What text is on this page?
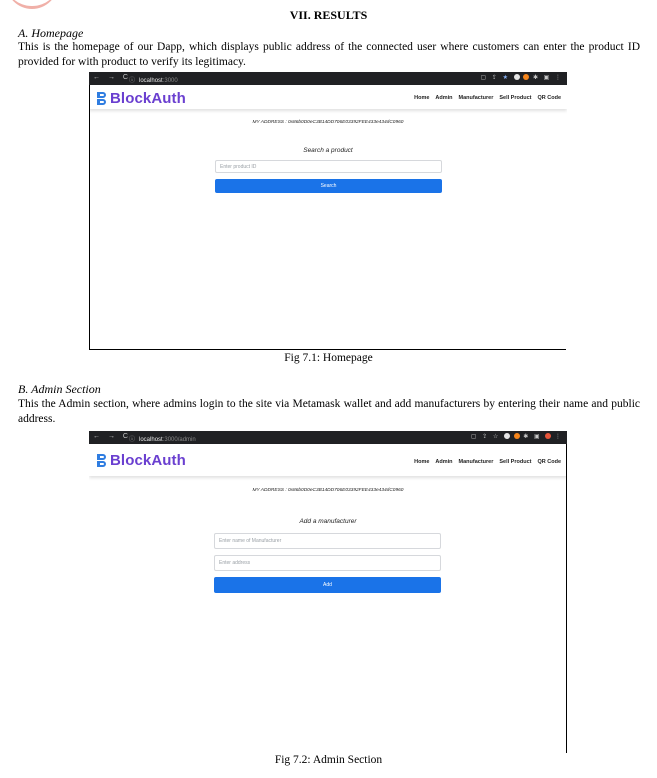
VII. RESULTS
A. Homepage
This is the homepage of our Dapp, which displays public address of the connected user where customers can enter the product ID provided for with product to verify its legitimacy.
← → C
ⓘ localhost:3000	▢ ⇪ ★	✱ ▣ ⋮
BlockAuth	Home Admin Manufacturer Sell Product QR Code
MY ADDRESS : 0x86b0D0eC3B14DD706E03392FEE433e434dC0960
Search a product
Enter product ID
Search
Fig 7.1: Homepage
B. Admin Section
This the Admin section, where admins login to the site via Metamask wallet and add manufacturers by entering their name and public address.
← → C
ⓘ localhost:3000/admin	▢ ⇪ ☆	✱ ▣  ⋮
BlockAuth	Home Admin Manufacturer Sell Product QR Code
MY ADDRESS : 0x86b0D0eC3B14DD706E03392FEE433e434dC0960
Add a manufacturer
Enter name of Manufacturer
Enter address
Add
Fig 7.2: Admin Section
